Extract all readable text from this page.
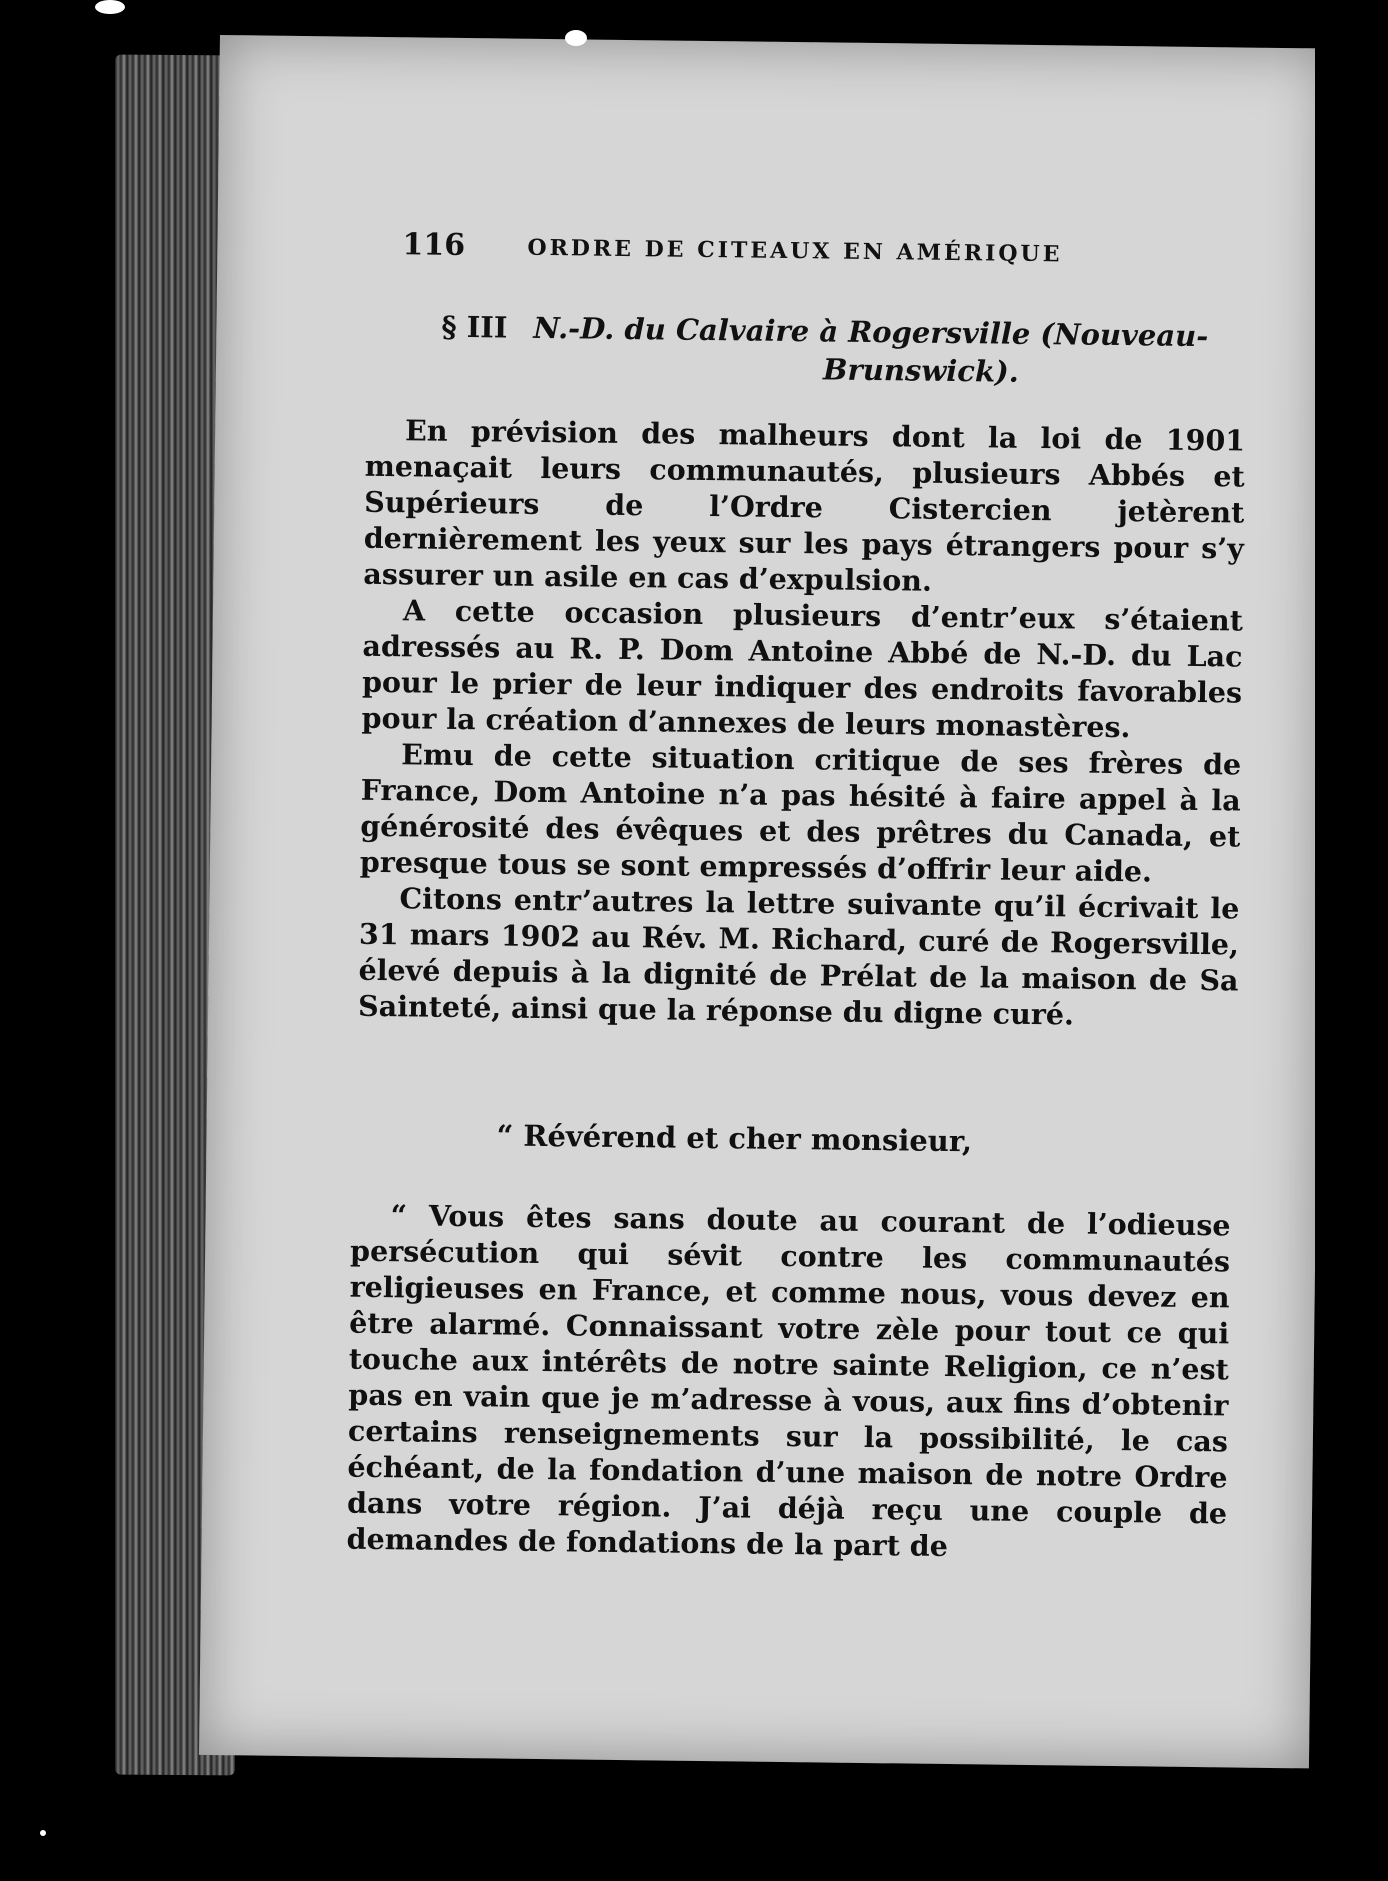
116	ORDRE DE CITEAUX EN AMÉRIQUE
§ III N.-D. du Calvaire à Rogersville (Nouveau-
Brunswick).

En prévision des malheurs dont la loi de 1901 menaçait leurs communautés, plusieurs Abbés et Supérieurs de l’Ordre Cistercien jetèrent dernièrement les yeux sur les pays étrangers pour s’y assurer un asile en cas d’expulsion.

A cette occasion plusieurs d’entr’eux s’étaient adressés au R. P. Dom Antoine Abbé de N.-D. du Lac pour le prier de leur indiquer des endroits favorables pour la création d’annexes de leurs monastères.

Emu de cette situation critique de ses frères de France, Dom Antoine n’a pas hésité à faire appel à la générosité des évêques et des prêtres du Canada, et presque tous se sont empressés d’offrir leur aide.

Citons entr’autres la lettre suivante qu’il écrivait le 31 mars 1902 au Rév. M. Richard, curé de Rogersville, élevé depuis à la dignité de Prélat de la maison de Sa Sainteté, ainsi que la réponse du digne curé.

“ Révérend et cher monsieur,

“ Vous êtes sans doute au courant de l’odieuse persécution qui sévit contre les communautés religieuses en France, et comme nous, vous devez en être alarmé. Connaissant votre zèle pour tout ce qui touche aux intérêts de notre sainte Religion, ce n’est pas en vain que je m’adresse à vous, aux fins d’obtenir certains renseignements sur la possibilité, le cas échéant, de la fondation d’une maison de notre Ordre dans votre région. J’ai déjà reçu une couple de demandes de fondations de la part de
